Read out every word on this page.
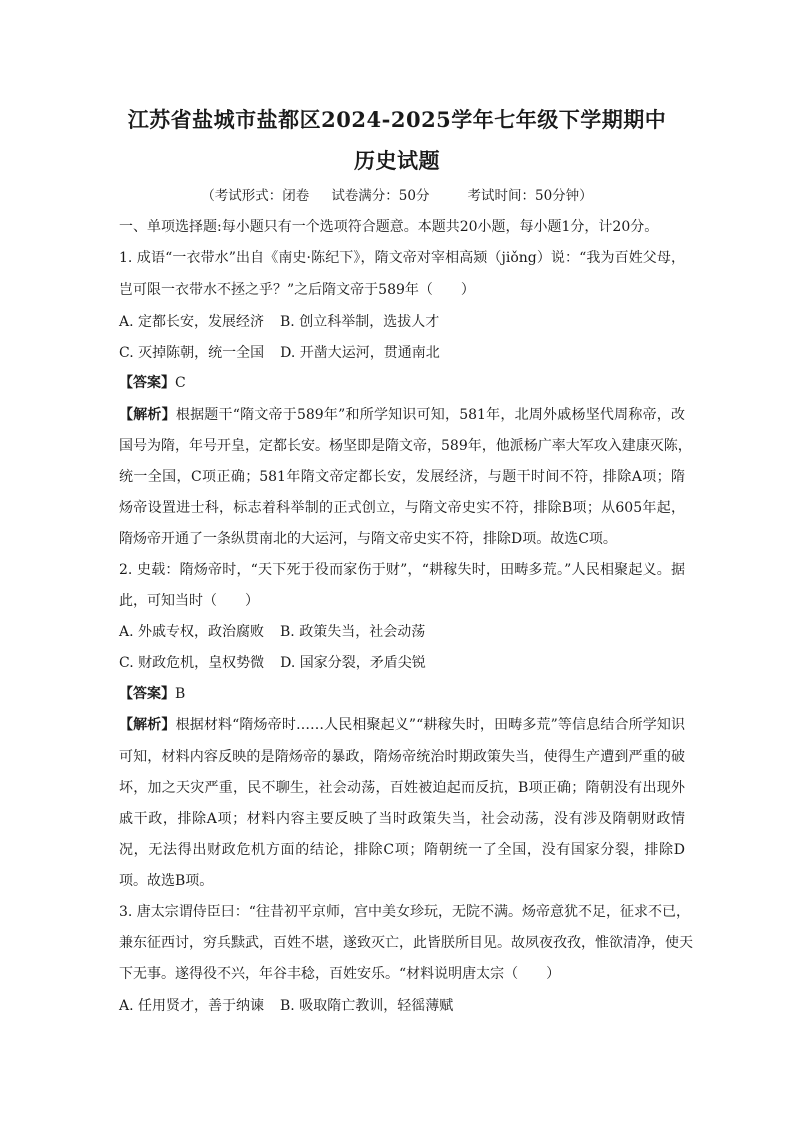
江苏省盐城市盐都区2024-2025学年七年级下学期期中
历史试题
（考试形式：闭卷 试卷满分：50分	考试时间：50分钟）
一、单项选择题:每小题只有一个选项符合题意。本题共20小题，每小题1分，计20分。
1. 成语“一衣带水”出自《南史·陈纪下》，隋文帝对宰相高颎（jiǒng）说：“我为百姓父母，
岂可限一衣带水不拯之乎？”之后隋文帝于589年（　　）
A. 定都长安，发展经济 B. 创立科举制，选拔人才
C. 灭掉陈朝，统一全国 D. 开凿大运河，贯通南北
【答案】C
【解析】根据题干“隋文帝于589年”和所学知识可知，581年，北周外戚杨坚代周称帝，改
国号为隋，年号开皇，定都长安。杨坚即是隋文帝，589年，他派杨广率大军攻入建康灭陈，
统一全国，C项正确；581年隋文帝定都长安，发展经济，与题干时间不符，排除A项；隋
炀帝设置进士科，标志着科举制的正式创立，与隋文帝史实不符，排除B项；从605年起，
隋炀帝开通了一条纵贯南北的大运河，与隋文帝史实不符，排除D项。故选C项。
2. 史载：隋炀帝时，“天下死于役而家伤于财”，“耕稼失时，田畴多荒。”人民相聚起义。据
此，可知当时（　　）
A. 外戚专权，政治腐败 B. 政策失当，社会动荡
C. 财政危机，皇权势微 D. 国家分裂，矛盾尖锐
【答案】B
【解析】根据材料“隋炀帝时……人民相聚起义”“耕稼失时，田畴多荒”等信息结合所学知识
可知，材料内容反映的是隋炀帝的暴政，隋炀帝统治时期政策失当，使得生产遭到严重的破
坏，加之天灾严重，民不聊生，社会动荡，百姓被迫起而反抗，B项正确；隋朝没有出现外
戚干政，排除A项；材料内容主要反映了当时政策失当，社会动荡，没有涉及隋朝财政情
况，无法得出财政危机方面的结论，排除C项；隋朝统一了全国，没有国家分裂，排除D
项。故选B项。
3. 唐太宗谓侍臣曰：“往昔初平京师，宫中美女珍玩，无院不满。炀帝意犹不足，征求不已，
兼东征西讨，穷兵黩武，百姓不堪，遂致灭亡，此皆朕所目见。故夙夜孜孜，惟欲清净，使天
下无事。遂得役不兴，年谷丰稔，百姓安乐。“材料说明唐太宗（　　）
A. 任用贤才，善于纳谏 B. 吸取隋亡教训，轻徭薄赋
